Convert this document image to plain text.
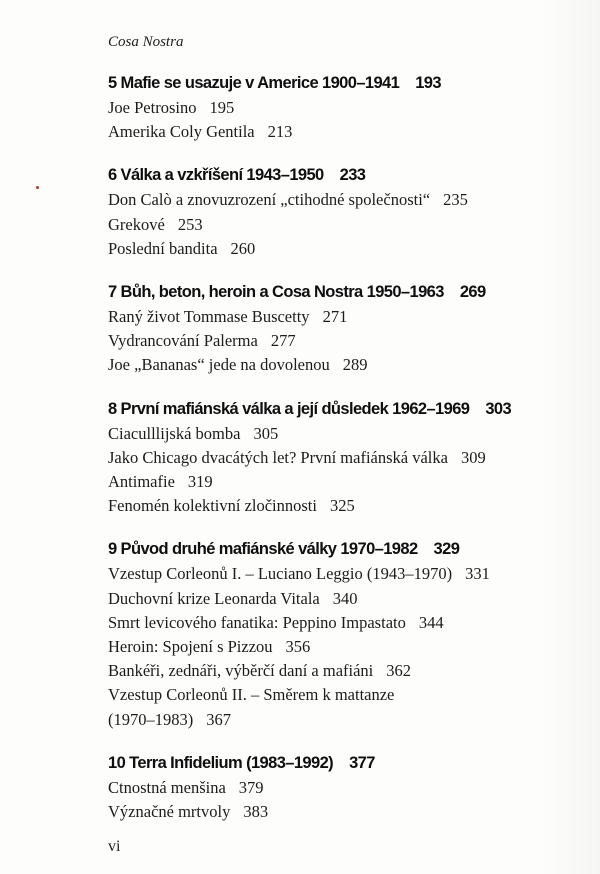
Cosa Nostra
5 Mafie se usazuje v Americe 1900–1941 193
Joe Petrosino 195
Amerika Coly Gentila 213
6 Válka a vzkříšení 1943–1950 233
Don Calò a znovuzrození „ctihodné společnosti“ 235
Grekové 253
Poslední bandita 260
7 Bůh, beton, heroin a Cosa Nostra 1950–1963 269
Raný život Tommase Buscetty 271
Vydrancování Palerma 277
Joe „Bananas“ jede na dovolenou 289
8 První mafiánská válka a její důsledek 1962–1969 303
Ciaculllijská bomba 305
Jako Chicago dvacátých let? První mafiánská válka 309
Antimafie 319
Fenomén kolektivní zločinnosti 325
9 Původ druhé mafiánské války 1970–1982 329
Vzestup Corleonů I. – Luciano Leggio (1943–1970) 331
Duchovní krize Leonarda Vitala 340
Smrt levicového fanatika: Peppino Impastato 344
Heroin: Spojení s Pizzou 356
Bankéři, zednáři, výběrčí daní a mafiáni 362
Vzestup Corleonů II. – Směrem k mattanze
(1970–1983) 367
10 Terra Infidelium (1983–1992) 377
Ctnostná menšina 379
Význačné mrtvoly 383
vi
